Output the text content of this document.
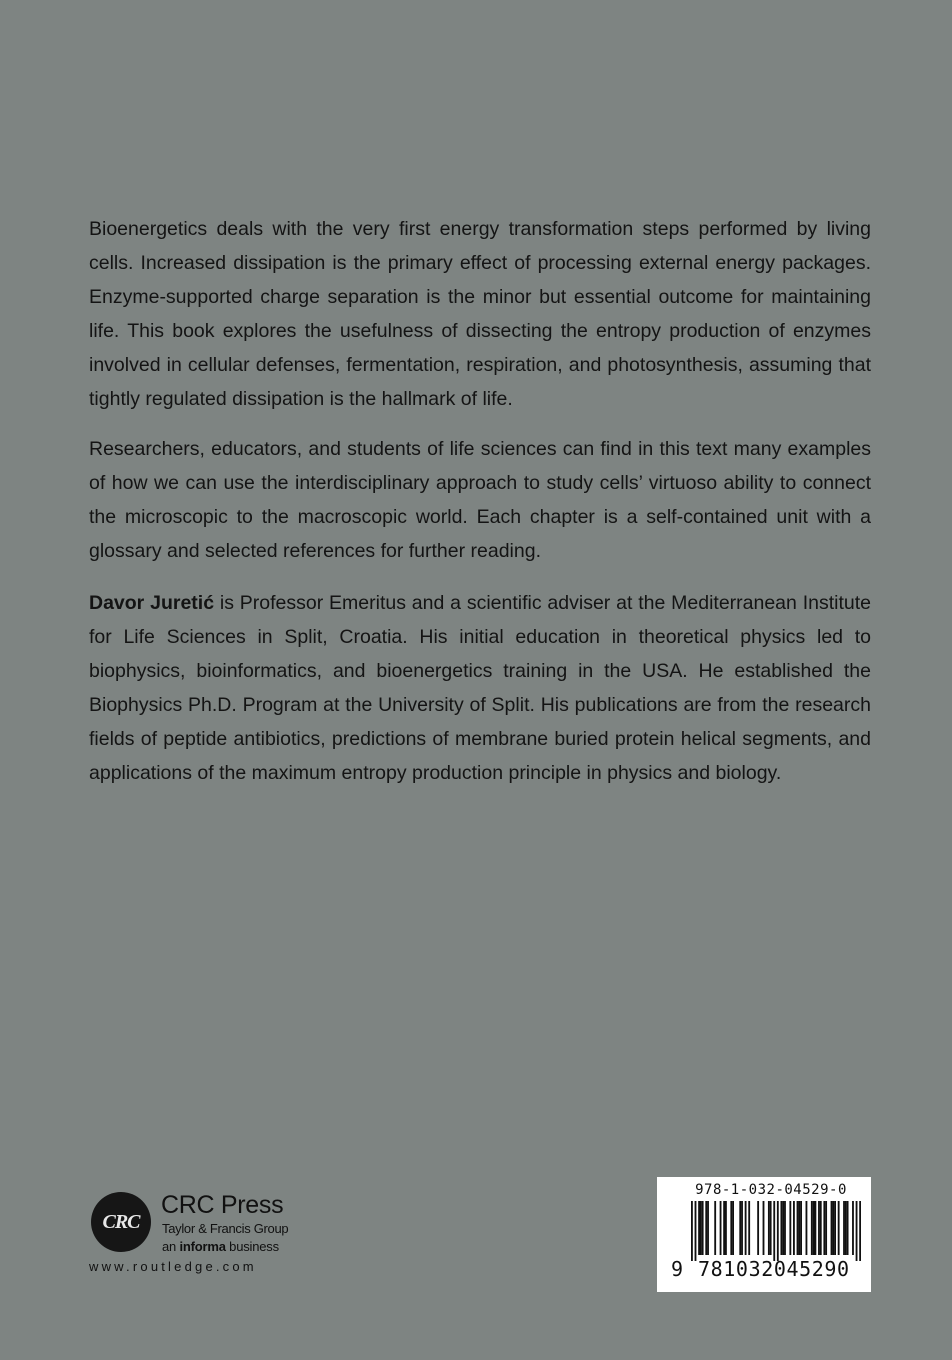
Bioenergetics deals with the very first energy transformation steps performed by living cells. Increased dissipation is the primary effect of processing external energy packages. Enzyme-supported charge separation is the minor but essential outcome for maintaining life. This book explores the usefulness of dissecting the entropy production of enzymes involved in cellular defenses, fermentation, respiration, and photosynthesis, assuming that tightly regulated dissipation is the hallmark of life.

Researchers, educators, and students of life sciences can find in this text many examples of how we can use the interdisciplinary approach to study cells’ virtuoso ability to connect the microscopic to the macroscopic world. Each chapter is a self-contained unit with a glossary and selected references for further reading.

Davor Juretić is Professor Emeritus and a scientific adviser at the Mediterranean Institute for Life Sciences in Split, Croatia. His initial education in theoretical physics led to biophysics, bioinformatics, and bioenergetics training in the USA. He established the Biophysics Ph.D. Program at the University of Split. His publications are from the research fields of peptide antibiotics, predictions of membrane buried protein helical segments, and applications of the maximum entropy production principle in physics and biology.

CRC
CRC Press
Taylor & Francis Group
an informa business
www.routledge.com
978-1-032-04529-0
9 781032045290
